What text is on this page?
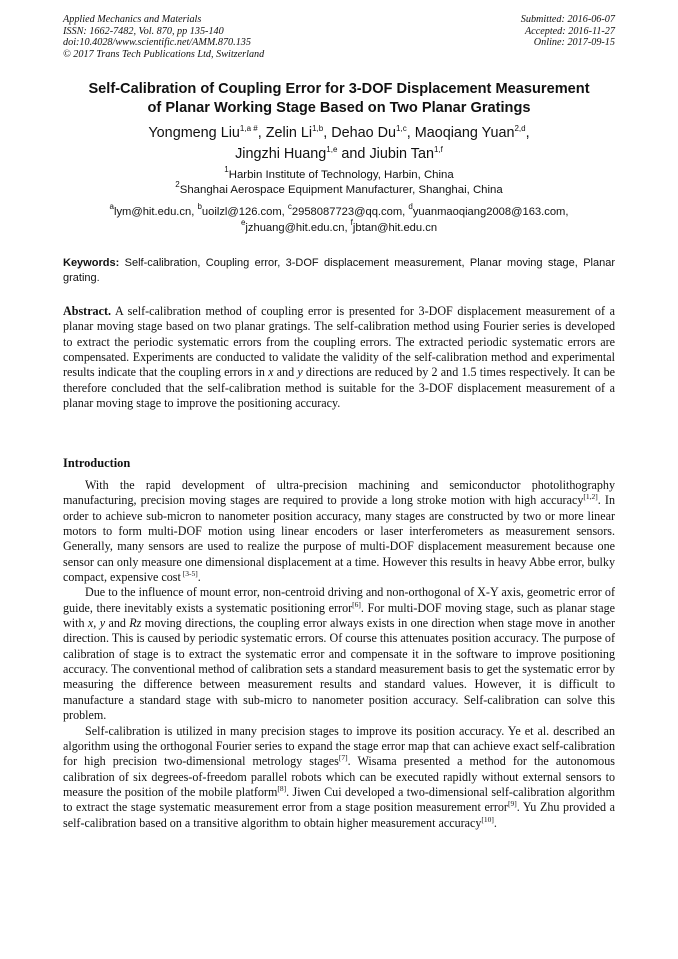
Applied Mechanics and Materials
ISSN: 1662-7482, Vol. 870, pp 135-140
doi:10.4028/www.scientific.net/AMM.870.135
© 2017 Trans Tech Publications Ltd, Switzerland
Submitted: 2016-06-07
Accepted: 2016-11-27
Online: 2017-09-15
Self-Calibration of Coupling Error for 3-DOF Displacement Measurement
of Planar Working Stage Based on Two Planar Gratings
Yongmeng Liu$^{1,a \#}$, Zelin Li$^{1,b}$, Dehao Du$^{1,c}$, Maoqiang Yuan$^{2,d}$,
Jingzhi Huang$^{1,e}$ and Jiubin Tan$^{1,f}$
$^1$Harbin Institute of Technology, Harbin, China
$^2$Shanghai Aerospace Equipment Manufacturer, Shanghai, China
$^a$lym@hit.edu.cn, $^b$uoilzl@126.com, $^c$2958087723@qq.com, $^d$yuanmaoqiang2008@163.com,
$^e$jzhuang@hit.edu.cn, $^f$jbtan@hit.edu.cn
Keywords: Self-calibration, Coupling error, 3-DOF displacement measurement, Planar moving stage, Planar grating.
Abstract. A self-calibration method of coupling error is presented for 3-DOF displacement measurement of a planar moving stage based on two planar gratings. The self-calibration method using Fourier series is developed to extract the periodic systematic errors from the coupling errors. The extracted periodic systematic errors are compensated. Experiments are conducted to validate the validity of the self-calibration method and experimental results indicate that the coupling errors in x and y directions are reduced by 2 and 1.5 times respectively. It can be therefore concluded that the self-calibration method is suitable for the 3-DOF displacement measurement of a planar moving stage to improve the positioning accuracy.
Introduction

With the rapid development of ultra-precision machining and semiconductor photolithography manufacturing, precision moving stages are required to provide a long stroke motion with high accuracy[1,2]. In order to achieve sub-micron to nanometer position accuracy, many stages are constructed by two or more linear motors to form multi-DOF motion using linear encoders or laser interferometers as measurement sensors. Generally, many sensors are used to realize the purpose of multi-DOF displacement measurement because one sensor can only measure one dimensional displacement at a time. However this results in heavy Abbe error, bulky compact, expensive cost [3-5].

Due to the influence of mount error, non-centroid driving and non-orthogonal of X-Y axis, geometric error of guide, there inevitably exists a systematic positioning error[6]. For multi-DOF moving stage, such as planar stage with x, y and Rz moving directions, the coupling error always exists in one direction when stage move in another direction. This is caused by periodic systematic errors. Of course this attenuates position accuracy. The purpose of calibration of stage is to extract the systematic error and compensate it in the software to improve positioning accuracy. The conventional method of calibration sets a standard measurement basis to get the systematic error by measuring the difference between measurement results and standard values. However, it is difficult to manufacture a standard stage with sub-micro to nanometer position accuracy. Self-calibration can solve this problem.

Self-calibration is utilized in many precision stages to improve its position accuracy. Ye et al. described an algorithm using the orthogonal Fourier series to expand the stage error map that can achieve exact self-calibration for high precision two-dimensional metrology stages[7]. Wisama presented a method for the autonomous calibration of six degrees-of-freedom parallel robots which can be executed rapidly without external sensors to measure the position of the mobile platform[8]. Jiwen Cui developed a two-dimensional self-calibration algorithm to extract the stage systematic measurement error from a stage position measurement error[9]. Yu Zhu provided a self-calibration based on a transitive algorithm to obtain higher measurement accuracy[10].
